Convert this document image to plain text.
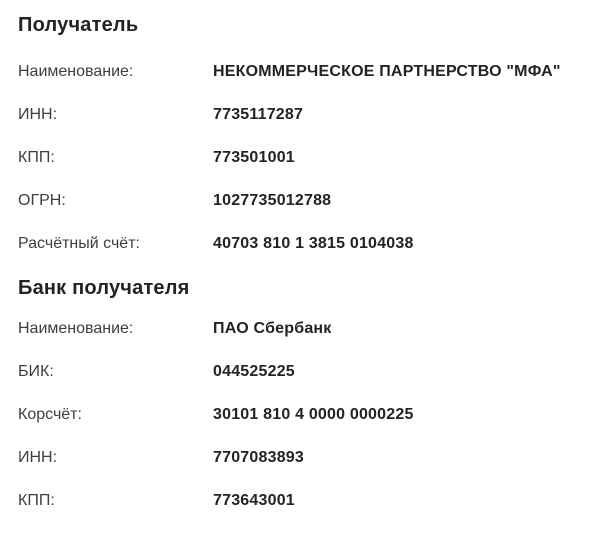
Получатель
Наименование:	НЕКОММЕРЧЕСКОЕ ПАРТНЕРСТВО "МФА"
ИНН:	7735117287
КПП:	773501001
ОГРН:	1027735012788
Расчётный счёт:	40703 810 1 3815 0104038
Банк получателя
Наименование:	ПАО Сбербанк
БИК:	044525225
Корсчёт:	30101 810 4 0000 0000225
ИНН:	7707083893
КПП:	773643001
